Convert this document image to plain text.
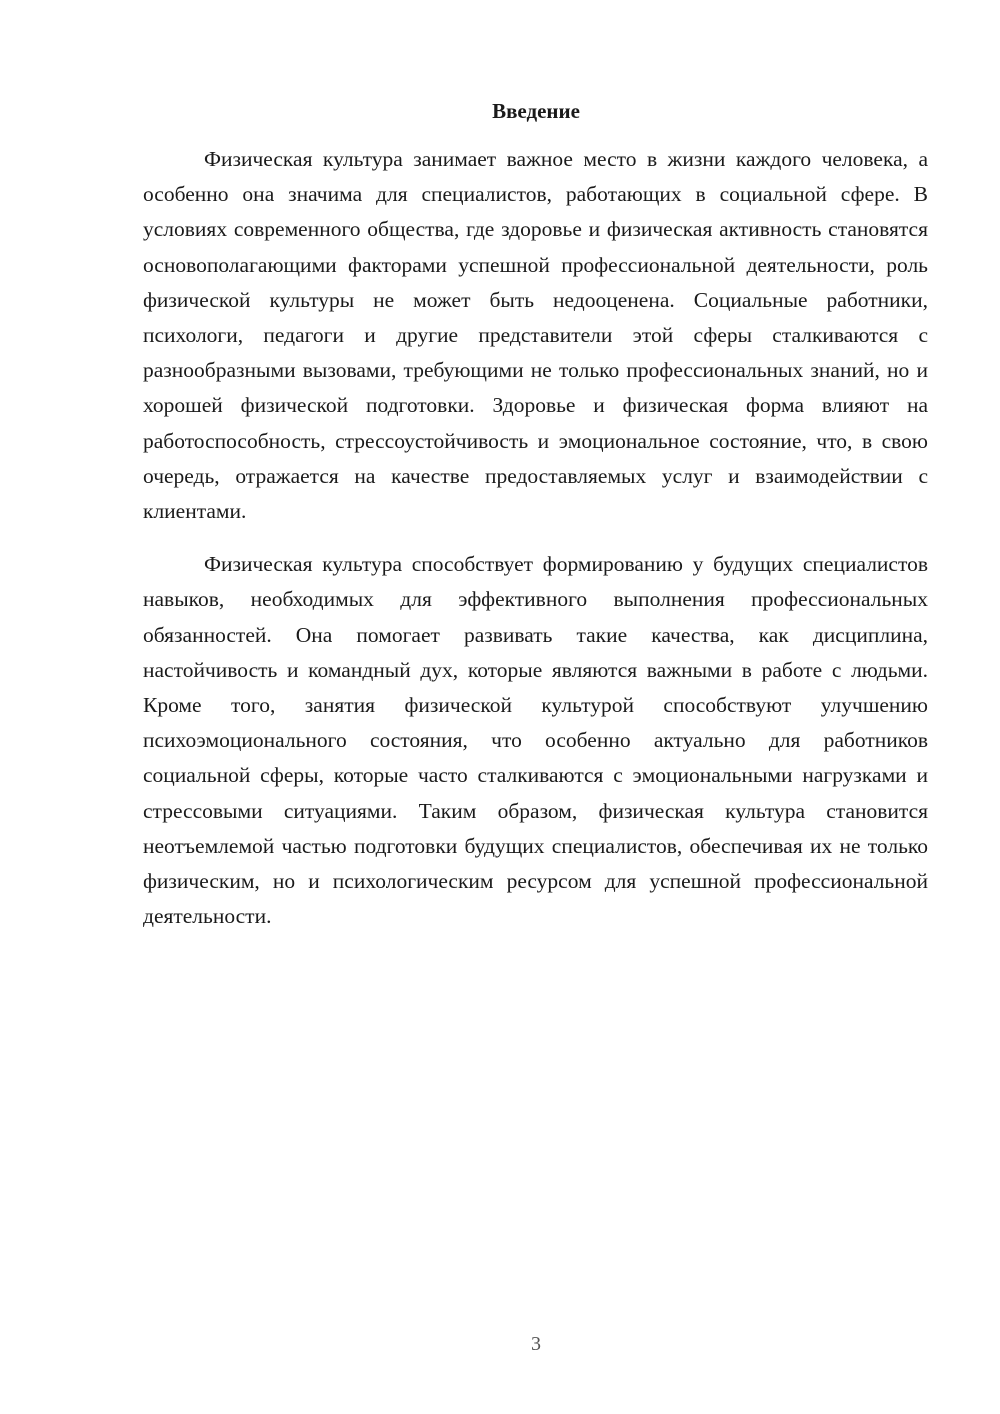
Введение

Физическая культура занимает важное место в жизни каждого человека, а особенно она значима для специалистов, работающих в социальной сфере. В условиях современного общества, где здоровье и физическая активность становятся основополагающими факторами успешной профессиональной деятельности, роль физической культуры не может быть недооценена. Социальные работники, психологи, педагоги и другие представители этой сферы сталкиваются с разнообразными вызовами, требующими не только профессиональных знаний, но и хорошей физической подготовки. Здоровье и физическая форма влияют на работоспособность, стрессоустойчивость и эмоциональное состояние, что, в свою очередь, отражается на качестве предоставляемых услуг и взаимодействии с клиентами.

Физическая культура способствует формированию у будущих специалистов навыков, необходимых для эффективного выполнения профессиональных обязанностей. Она помогает развивать такие качества, как дисциплина, настойчивость и командный дух, которые являются важными в работе с людьми. Кроме того, занятия физической культурой способствуют улучшению психоэмоционального состояния, что особенно актуально для работников социальной сферы, которые часто сталкиваются с эмоциональными нагрузками и стрессовыми ситуациями. Таким образом, физическая культура становится неотъемлемой частью подготовки будущих специалистов, обеспечивая их не только физическим, но и психологическим ресурсом для успешной профессиональной деятельности.

3
